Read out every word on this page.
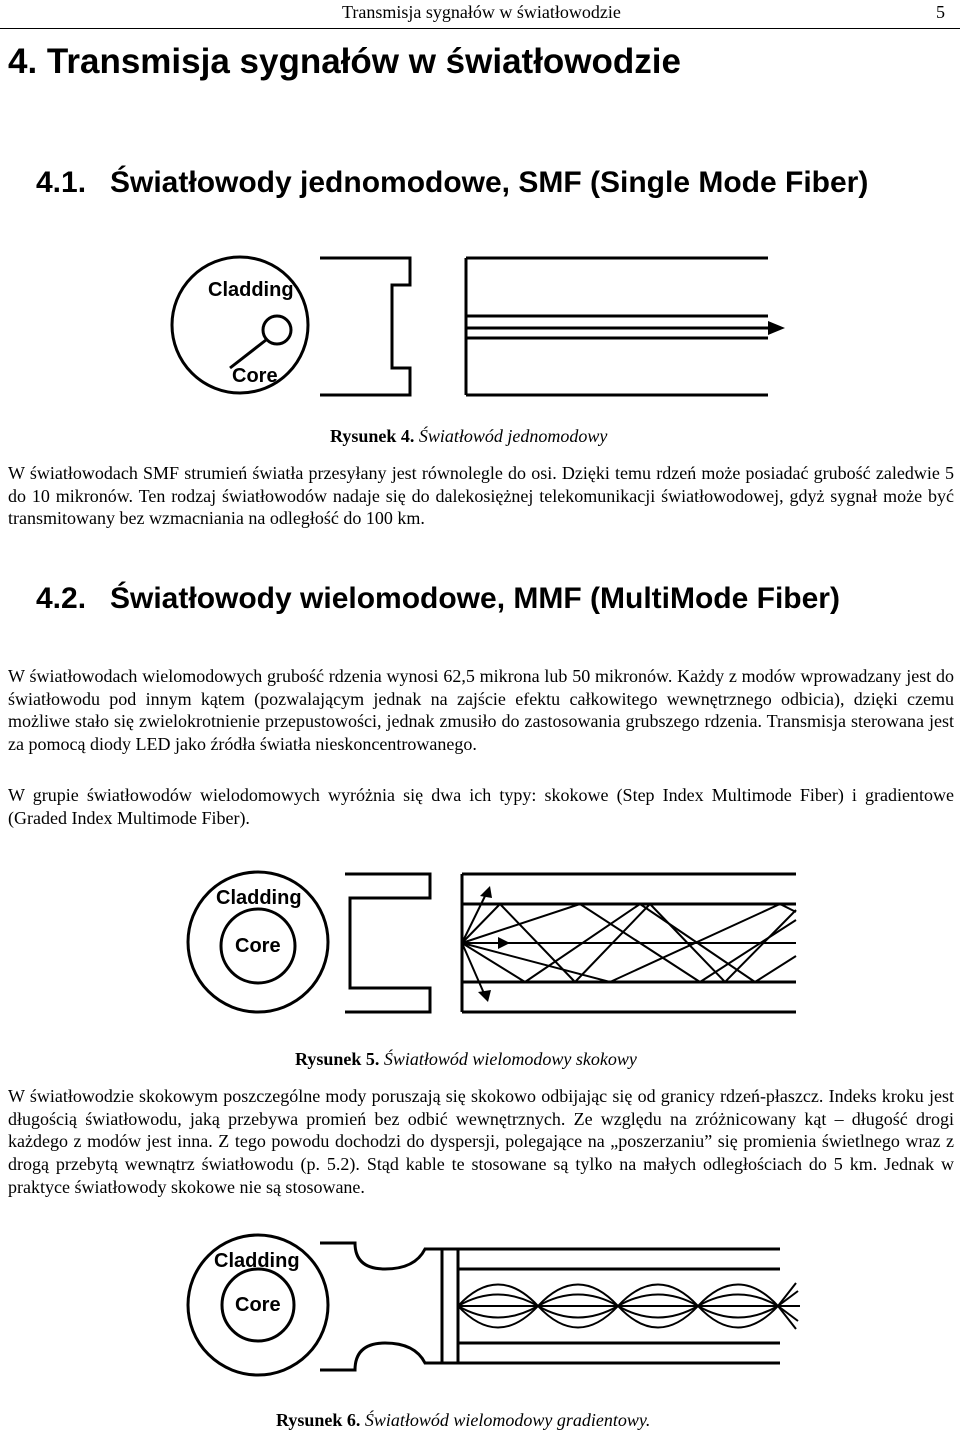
Transmisja sygnałów w światłowodzie	5
4. Transmisja sygnałów w światłowodzie
4.1. Światłowody jednomodowe, SMF (Single Mode Fiber)
Cladding
Core
Rysunek 4. Światłowód jednomodowy
W światłowodach SMF strumień światła przesyłany jest równolegle do osi. Dzięki temu rdzeń może posiadać grubość zaledwie 5 do 10 mikronów. Ten rodzaj światłowodów nadaje się do dalekosiężnej telekomunikacji światłowodowej, gdyż sygnał może być transmitowany bez wzmacniania na odległość do 100 km.
4.2. Światłowody wielomodowe, MMF (MultiMode Fiber)
W światłowodach wielomodowych grubość rdzenia wynosi 62,5 mikrona lub 50 mikronów. Każdy z modów wprowadzany jest do światłowodu pod innym kątem (pozwalającym jednak na zajście efektu całkowitego wewnętrznego odbicia), dzięki czemu możliwe stało się zwielokrotnienie przepustowości, jednak zmusiło do zastosowania grubszego rdzenia. Transmisja sterowana jest za pomocą diody LED jako źródła światła nieskoncentrowanego.
W grupie światłowodów wielodomowych wyróżnia się dwa ich typy: skokowe (Step Index Multimode Fiber) i gradientowe (Graded Index Multimode Fiber).
Cladding
Core
Rysunek 5. Światłowód wielomodowy skokowy
W światłowodzie skokowym poszczególne mody poruszają się skokowo odbijając się od granicy rdzeń-płaszcz. Indeks kroku jest długością światłowodu, jaką przebywa promień bez odbić wewnętrznych. Ze względu na zróżnicowany kąt – długość drogi każdego z modów jest inna. Z tego powodu dochodzi do dyspersji, polegające na „poszerzaniu” się promienia świetlnego wraz z drogą przebytą wewnątrz światłowodu (p. 5.2). Stąd kable te stosowane są tylko na małych odległościach do 5 km. Jednak w praktyce światłowody skokowe nie są stosowane.
Cladding
Core
Rysunek 6. Światłowód wielomodowy gradientowy.
